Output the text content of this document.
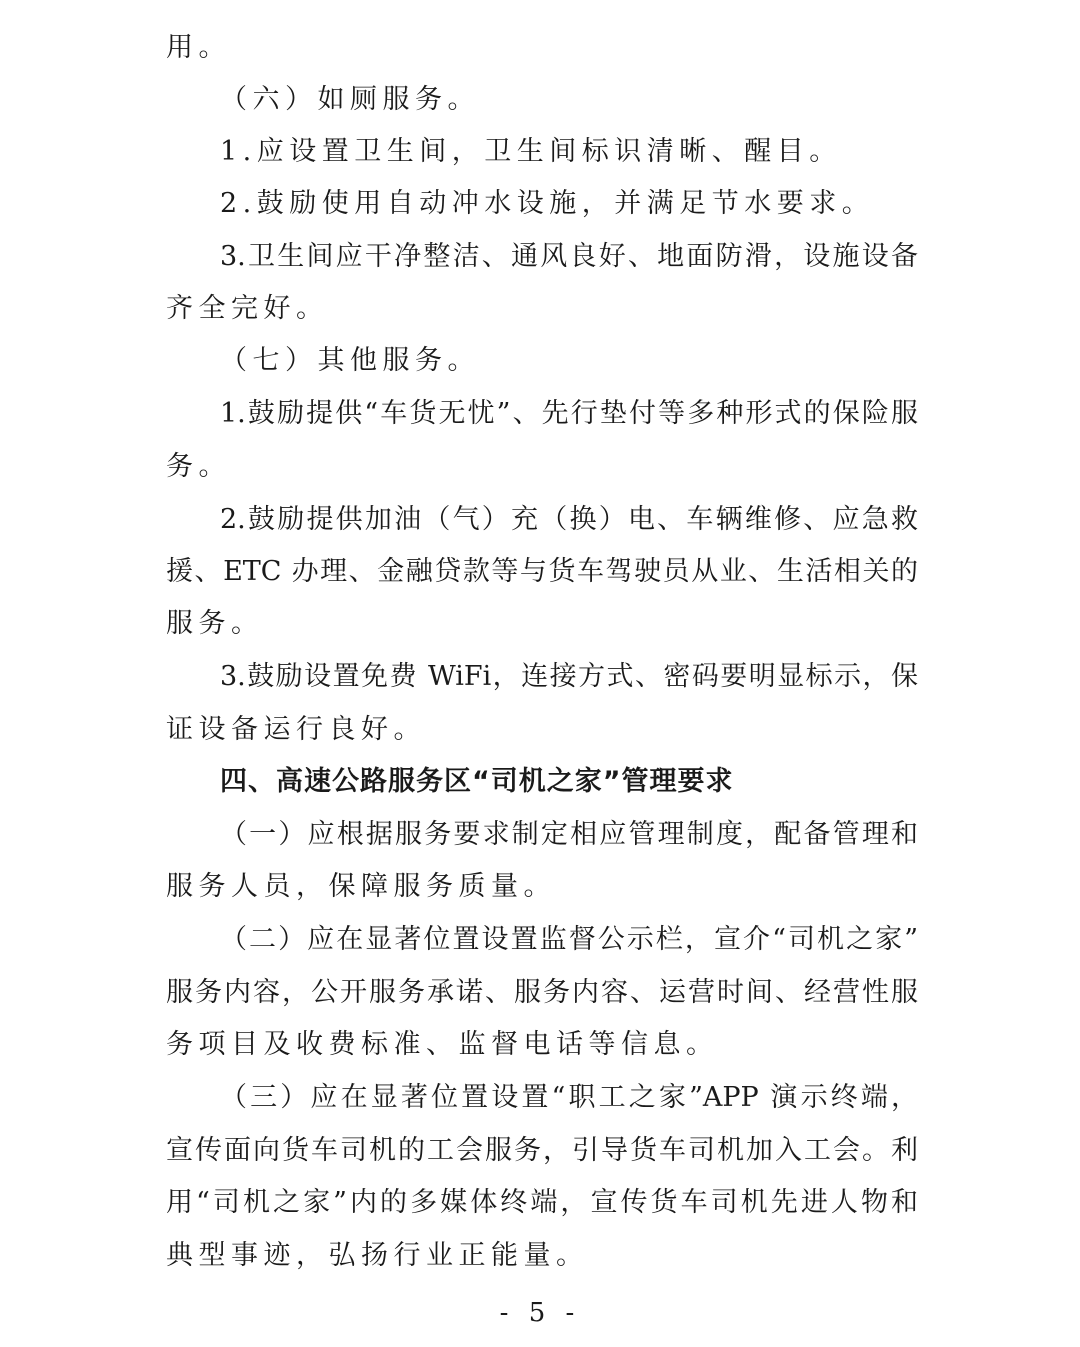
用。
（六）如厕服务。
1.应设置卫生间，卫生间标识清晰、醒目。
2.鼓励使用自动冲水设施，并满足节水要求。
3.卫生间应干净整洁、通风良好、地面防滑，设施设备
齐全完好。
（七）其他服务。
1.鼓励提供“车货无忧”、先行垫付等多种形式的保险服
务。
2.鼓励提供加油（气）充（换）电、车辆维修、应急救
援、ETC 办理、金融贷款等与货车驾驶员从业、生活相关的
服务。
3.鼓励设置免费 WiFi，连接方式、密码要明显标示，保
证设备运行良好。
四、高速公路服务区“司机之家”管理要求
（一）应根据服务要求制定相应管理制度，配备管理和
服务人员，保障服务质量。
（二）应在显著位置设置监督公示栏，宣介“司机之家”
服务内容，公开服务承诺、服务内容、运营时间、经营性服
务项目及收费标准、监督电话等信息。
（三）应在显著位置设置“职工之家”APP 演示终端，
宣传面向货车司机的工会服务，引导货车司机加入工会。利
用“司机之家”内的多媒体终端，宣传货车司机先进人物和
典型事迹，弘扬行业正能量。
- 5 -
